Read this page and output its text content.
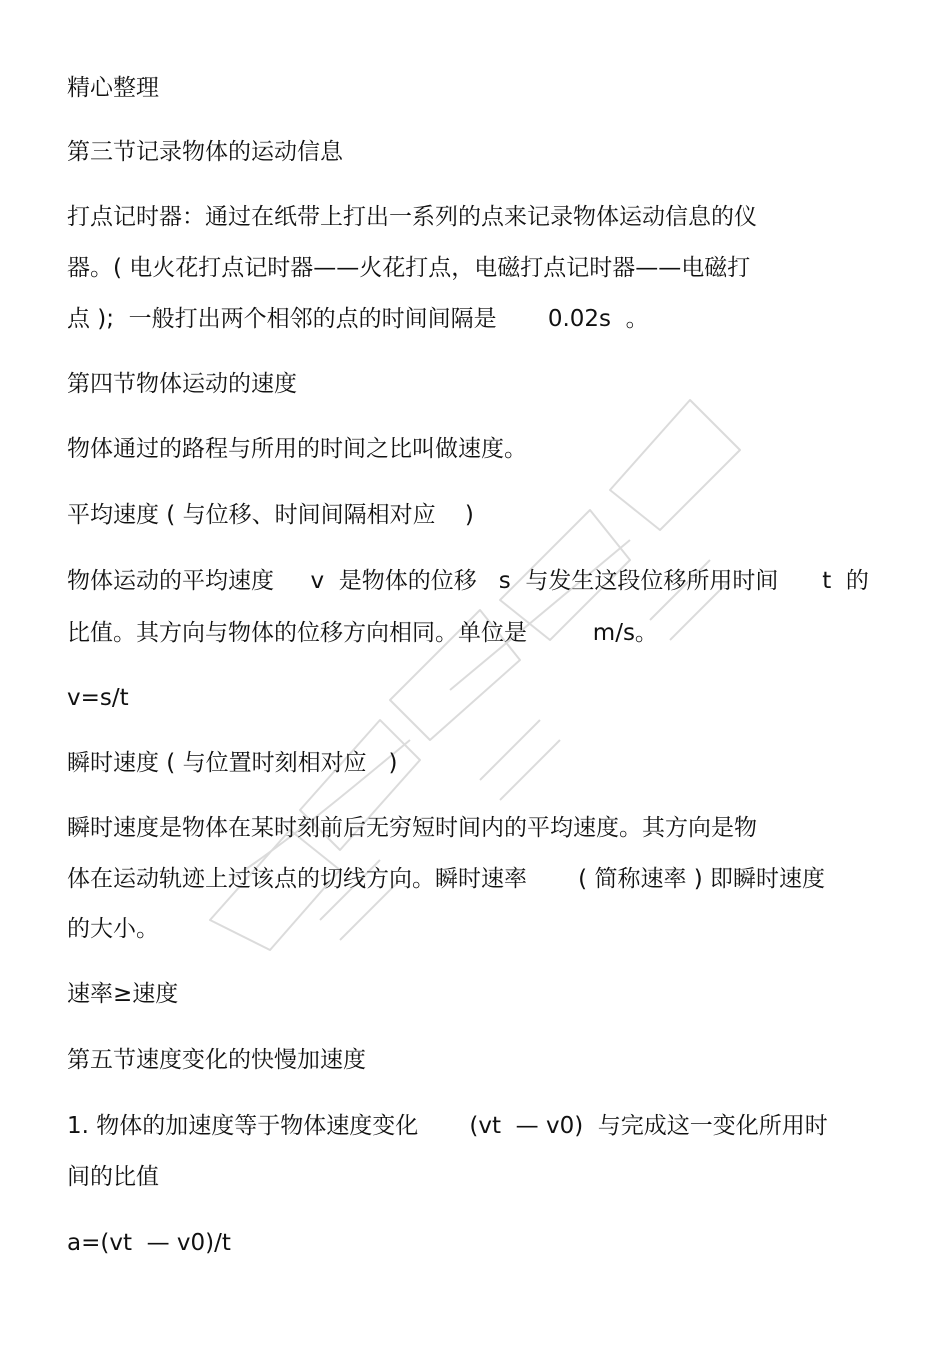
精心整理

第三节记录物体的运动信息

打点记时器：通过在纸带上打出一系列的点来记录物体运动信息的仪

器。( 电火花打点记时器——火花打点，电磁打点记时器——电磁打

点 );  一般打出两个相邻的点的时间间隔是       0.02s  。

第四节物体运动的速度

物体通过的路程与所用的时间之比叫做速度。

平均速度 ( 与位移、时间间隔相对应    )

物体运动的平均速度     v  是物体的位移   s  与发生这段位移所用时间      t  的

比值。其方向与物体的位移方向相同。单位是         m/s。

v=s/t

瞬时速度 ( 与位置时刻相对应   )

瞬时速度是物体在某时刻前后无穷短时间内的平均速度。其方向是物

体在运动轨迹上过该点的切线方向。瞬时速率       ( 简称速率 ) 即瞬时速度

的大小。

速率≥速度

第五节速度变化的快慢加速度

1. 物体的加速度等于物体速度变化       (vt  — v0)  与完成这一变化所用时

间的比值

a=(vt  — v0)/t
